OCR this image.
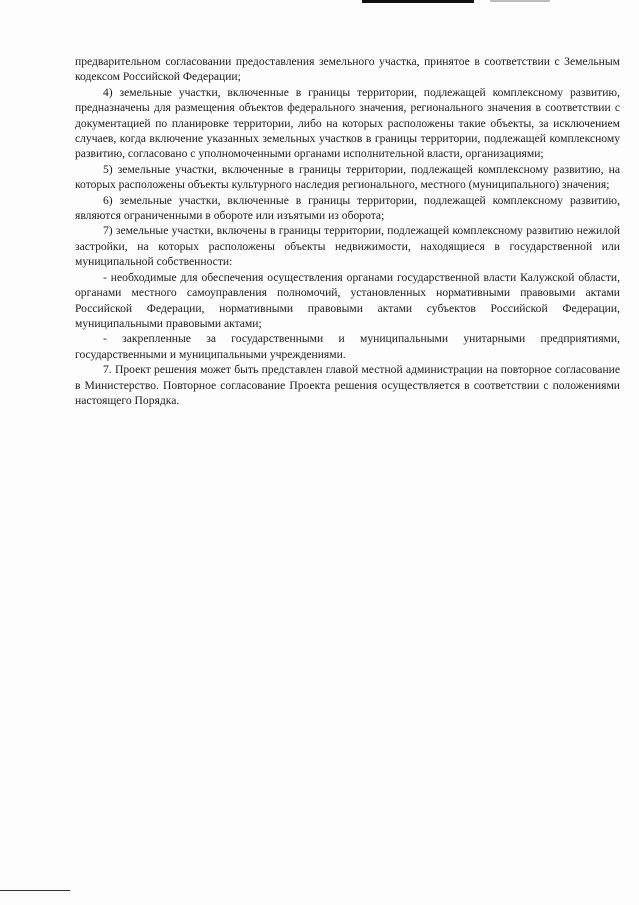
предварительном согласовании предоставления земельного участка, принятое в соответствии с Земельным кодексом Российской Федерации;

4) земельные участки, включенные в границы территории, подлежащей комплексному развитию, предназначены для размещения объектов федерального значения, регионального значения в соответствии с документацией по планировке территории, либо на которых расположены такие объекты, за исключением случаев, когда включение указанных земельных участков в границы территории, подлежащей комплексному развитию, согласовано с уполномоченными органами исполнительной власти, организациями;

5) земельные участки, включенные в границы территории, подлежащей комплексному развитию, на которых расположены объекты культурного наследия регионального, местного (муниципального) значения;

6) земельные участки, включенные в границы территории, подлежащей комплексному развитию, являются ограниченными в обороте или изъятыми из оборота;

7) земельные участки, включены в границы территории, подлежащей комплексному развитию нежилой застройки, на которых расположены объекты недвижимости, находящиеся в государственной или муниципальной собственности:

- необходимые для обеспечения осуществления органами государственной власти Калужской области, органами местного самоуправления полномочий, установленных нормативными правовыми актами Российской Федерации, нормативными правовыми актами субъектов Российской Федерации, муниципальными правовыми актами;

- закрепленные за государственными и муниципальными унитарными предприятиями, государственными и муниципальными учреждениями.

7. Проект решения может быть представлен главой местной администрации на повторное согласование в Министерство. Повторное согласование Проекта решения осуществляется в соответствии с положениями настоящего Порядка.
